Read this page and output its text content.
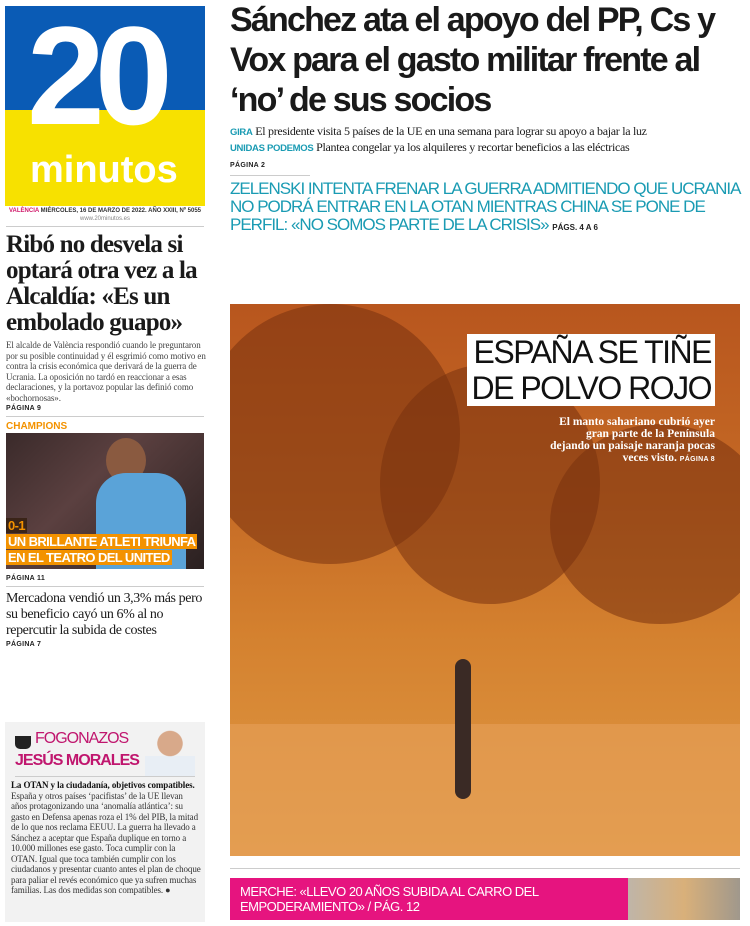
20
minutos
VALÈNCIA MIÉRCOLES, 16 DE MARZO DE 2022. AÑO XXIII, Nº 5055
www.20minutos.es
Sánchez ata el apoyo del PP, Cs y Vox para el gasto militar frente al ‘no’ de sus socios
GIRA El presidente visita 5 países de la UE en una semana para lograr su apoyo a bajar la luz
UNIDAS PODEMOS Plantea congelar ya los alquileres y recortar beneficios a las eléctricas
PÁGINA 2
ZELENSKI INTENTA FRENAR LA GUERRA ADMITIENDO QUE UCRANIA NO PODRÁ ENTRAR EN LA OTAN MIENTRAS CHINA SE PONE DE PERFIL: «NO SOMOS PARTE DE LA CRISIS» PÁGS. 4 A 6
Ribó no desvela si optará otra vez a la Alcaldía: «Es un embolado guapo»
El alcalde de València respondió cuando le preguntaron por su posible continuidad y él esgrimió como motivo en contra la crisis económica que derivará de la guerra de Ucrania. La oposición no tardó en reaccionar a esas declaraciones, y la portavoz popular las definió como «bochornosas».
PÁGINA 9
CHAMPIONS
0-1
UN BRILLANTE ATLETI TRIUNFA
EN EL TEATRO DEL UNITED
PÁGINA 11
Mercadona vendió un 3,3% más pero su beneficio cayó un 6% al no repercutir la subida de costes
PÁGINA 7
FOGONAZOS
JESÚS MORALES
La OTAN y la ciudadanía, objetivos compatibles. España y otros países ‘pacifistas’ de la UE llevan años protagonizando una ‘anomalía atlántica’: su gasto en Defensa apenas roza el 1% del PIB, la mitad de lo que nos reclama EEUU. La guerra ha llevado a Sánchez a aceptar que España duplique en torno a 10.000 millones ese gasto. Toca cumplir con la OTAN. Igual que toca también cumplir con los ciudadanos y presentar cuanto antes el plan de choque para paliar el revés económico que ya sufren muchas familias. Las dos medidas son compatibles. ●
ESPAÑA SE TIÑE
DE POLVO ROJO
El manto sahariano cubrió ayer gran parte de la Península dejando un paisaje naranja pocas veces visto. PÁGINA 8
MERCHE: «LLEVO 20 AÑOS SUBIDA AL CARRO DEL EMPODERAMIENTO» / PÁG. 12
